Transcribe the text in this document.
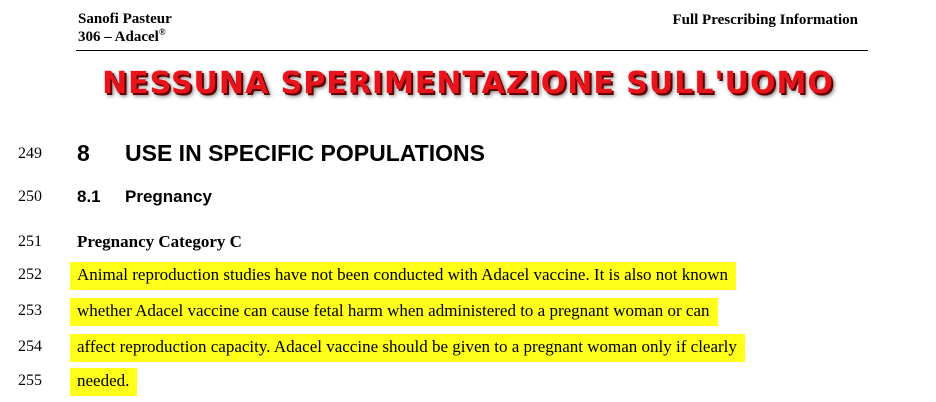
Sanofi Pasteur
306 – Adacel®
Full Prescribing Information
NESSUNA SPERIMENTAZIONE SULL'UOMO
249
250
251
252
253
254
255
8 USE IN SPECIFIC POPULATIONS
8.1 Pregnancy
Pregnancy Category C
Animal reproduction studies have not been conducted with Adacel vaccine. It is also not known
whether Adacel vaccine can cause fetal harm when administered to a pregnant woman or can
affect reproduction capacity. Adacel vaccine should be given to a pregnant woman only if clearly
needed.
